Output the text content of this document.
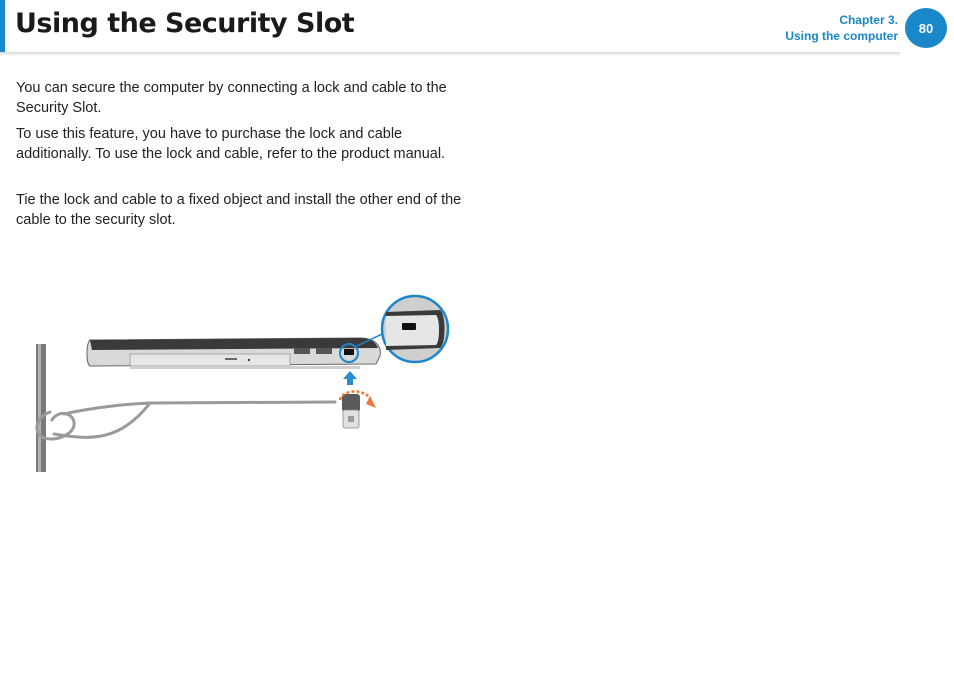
Using the Security Slot	Chapter 3.
Using the computer
80

You can secure the computer by connecting a lock and cable to the Security Slot.

To use this feature, you have to purchase the lock and cable additionally. To use the lock and cable, refer to the product manual.

Tie the lock and cable to a fixed object and install the other end of the cable to the security slot.
